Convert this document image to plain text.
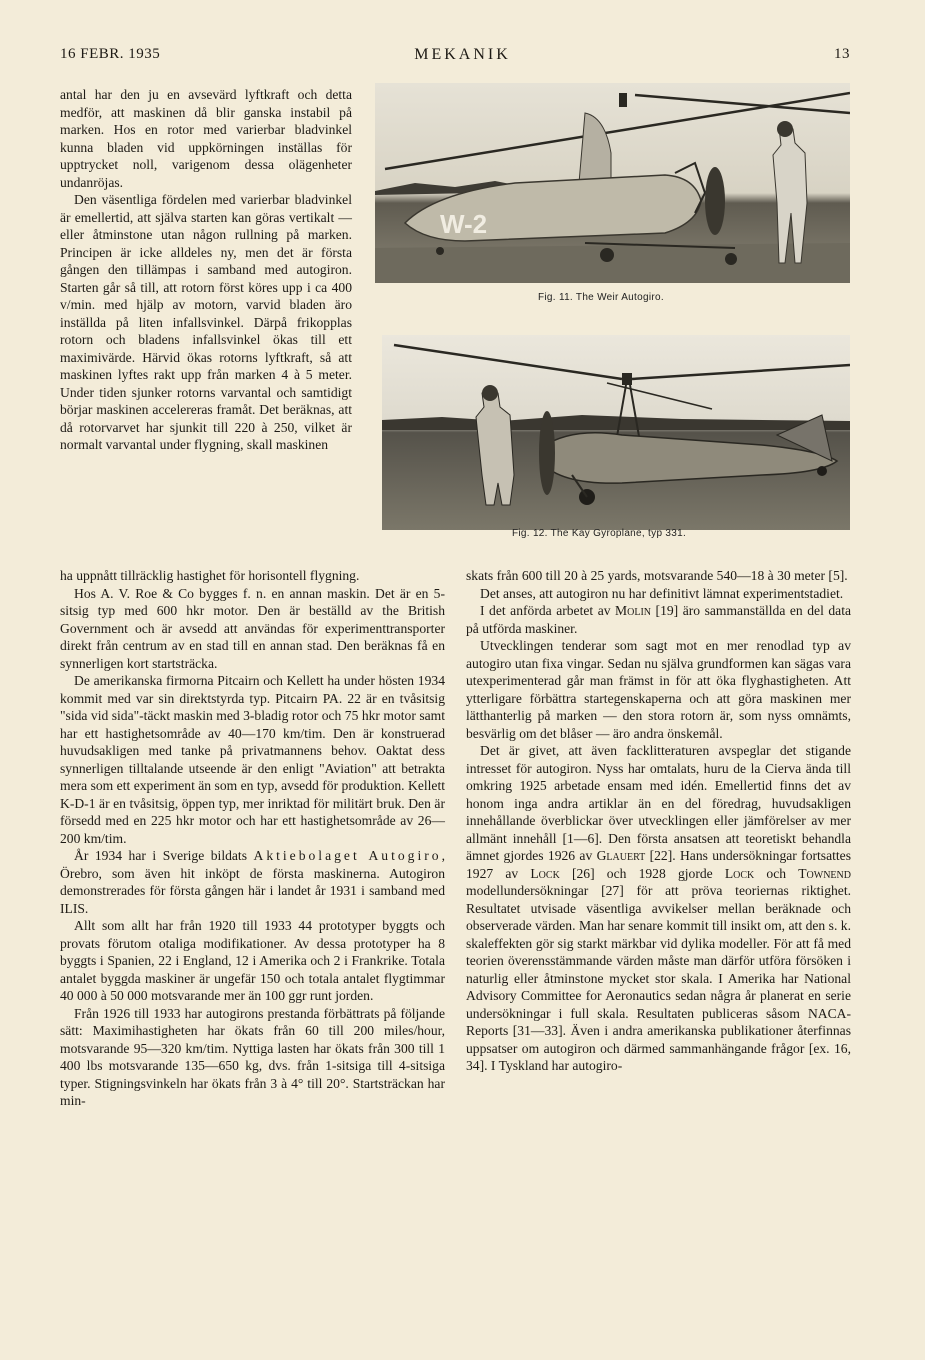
MEKANIK
16 FEBR. 1935	13
W-2
Fig. 11. The Weir Autogiro.
Fig. 12. The Kay Gyroplane, typ 331.

antal har den ju en avsevärd lyftkraft och detta medför, att maskinen då blir ganska instabil på marken. Hos en rotor med varierbar bladvinkel kunna bladen vid uppkörningen inställas för upptrycket noll, varigenom dessa olägenheter undanröjas.

Den väsentliga fördelen med varierbar bladvinkel är emellertid, att själva starten kan göras vertikalt — eller åtminstone utan någon rullning på marken. Principen är icke alldeles ny, men det är första gången den tillämpas i samband med autogiron. Starten går så till, att rotorn först köres upp i ca 400 v/min. med hjälp av motorn, varvid bladen äro inställda på liten infallsvinkel. Därpå frikopplas rotorn och bladens infallsvinkel ökas till ett maximivärde. Härvid ökas rotorns lyftkraft, så att maskinen lyftes rakt upp från marken 4 à 5 meter. Under tiden sjunker rotorns varvantal och samtidigt börjar maskinen accelereras framåt. Det beräknas, att då rotorvarvet har sjunkit till 220 à 250, vilket är normalt varvantal under flygning, skall maskinen

ha uppnått tillräcklig hastighet för horisontell flygning.

Hos A. V. Roe & Co bygges f. n. en annan maskin. Det är en 5-sitsig typ med 600 hkr motor. Den är beställd av the British Government och är avsedd att användas för experimenttransporter direkt från centrum av en stad till en annan stad. Den beräknas få en synnerligen kort startsträcka.

De amerikanska firmorna Pitcairn och Kellett ha under hösten 1934 kommit med var sin direktstyrda typ. Pitcairn PA. 22 är en tvåsitsig "sida vid sida"-täckt maskin med 3-bladig rotor och 75 hkr motor samt har ett hastighetsområde av 40—170 km/tim. Den är konstruerad huvudsakligen med tanke på privatmannens behov. Oaktat dess synnerligen tilltalande utseende är den enligt "Aviation" att betrakta mera som ett experiment än som en typ, avsedd för produktion. Kellett K-D-1 är en tvåsitsig, öppen typ, mer inriktad för militärt bruk. Den är försedd med en 225 hkr motor och har ett hastighetsområde av 26—200 km/tim.

År 1934 har i Sverige bildats Aktiebolaget Autogiro, Örebro, som även hit inköpt de första maskinerna. Autogiron demonstrerades för första gången här i landet år 1931 i samband med ILIS.

Allt som allt har från 1920 till 1933 44 prototyper byggts och provats förutom otaliga modifikationer. Av dessa prototyper ha 8 byggts i Spanien, 22 i England, 12 i Amerika och 2 i Frankrike. Totala antalet byggda maskiner är ungefär 150 och totala antalet flygtimmar 40 000 à 50 000 motsvarande mer än 100 ggr runt jorden.

Från 1926 till 1933 har autogirons prestanda förbättrats på följande sätt: Maximihastigheten har ökats från 60 till 200 miles/hour, motsvarande 95—320 km/tim. Nyttiga lasten har ökats från 300 till 1 400 lbs motsvarande 135—650 kg, dvs. från 1-sitsiga till 4-sitsiga typer. Stigningsvinkeln har ökats från 3 à 4° till 20°. Startsträckan har min-

skats från 600 till 20 à 25 yards, motsvarande 540—18 à 30 meter [5].

Det anses, att autogiron nu har definitivt lämnat experimentstadiet.

I det anförda arbetet av Molin [19] äro sammanställda en del data på utförda maskiner.

Utvecklingen tenderar som sagt mot en mer renodlad typ av autogiro utan fixa vingar. Sedan nu själva grundformen kan sägas vara utexperimenterad går man främst in för att öka flyghastigheten. Att ytterligare förbättra startegenskaperna och att göra maskinen mer lätthanterlig på marken — den stora rotorn är, som nyss omnämts, besvärlig om det blåser — äro andra önskemål.

Det är givet, att även facklitteraturen avspeglar det stigande intresset för autogiron. Nyss har omtalats, huru de la Cierva ända till omkring 1925 arbetade ensam med idén. Emellertid finns det av honom inga andra artiklar än en del föredrag, huvudsakligen innehållande överblickar över utvecklingen eller jämförelser av mer allmänt innehåll [1—6]. Den första ansatsen att teoretiskt behandla ämnet gjordes 1926 av Glauert [22]. Hans undersökningar fortsattes 1927 av Lock [26] och 1928 gjorde Lock och Townend modellundersökningar [27] för att pröva teoriernas riktighet. Resultatet utvisade väsentliga avvikelser mellan beräknade och observerade värden. Man har senare kommit till insikt om, att den s. k. skaleffekten gör sig starkt märkbar vid dylika modeller. För att få med teorien överensstämmande värden måste man därför utföra försöken i naturlig eller åtminstone mycket stor skala. I Amerika har National Advisory Committee for Aeronautics sedan några år planerat en serie undersökningar i full skala. Resultaten publiceras såsom NACA-Reports [31—33]. Även i andra amerikanska publikationer återfinnas uppsatser om autogiron och därmed sammanhängande frågor [ex. 16, 34]. I Tyskland har autogiro-
